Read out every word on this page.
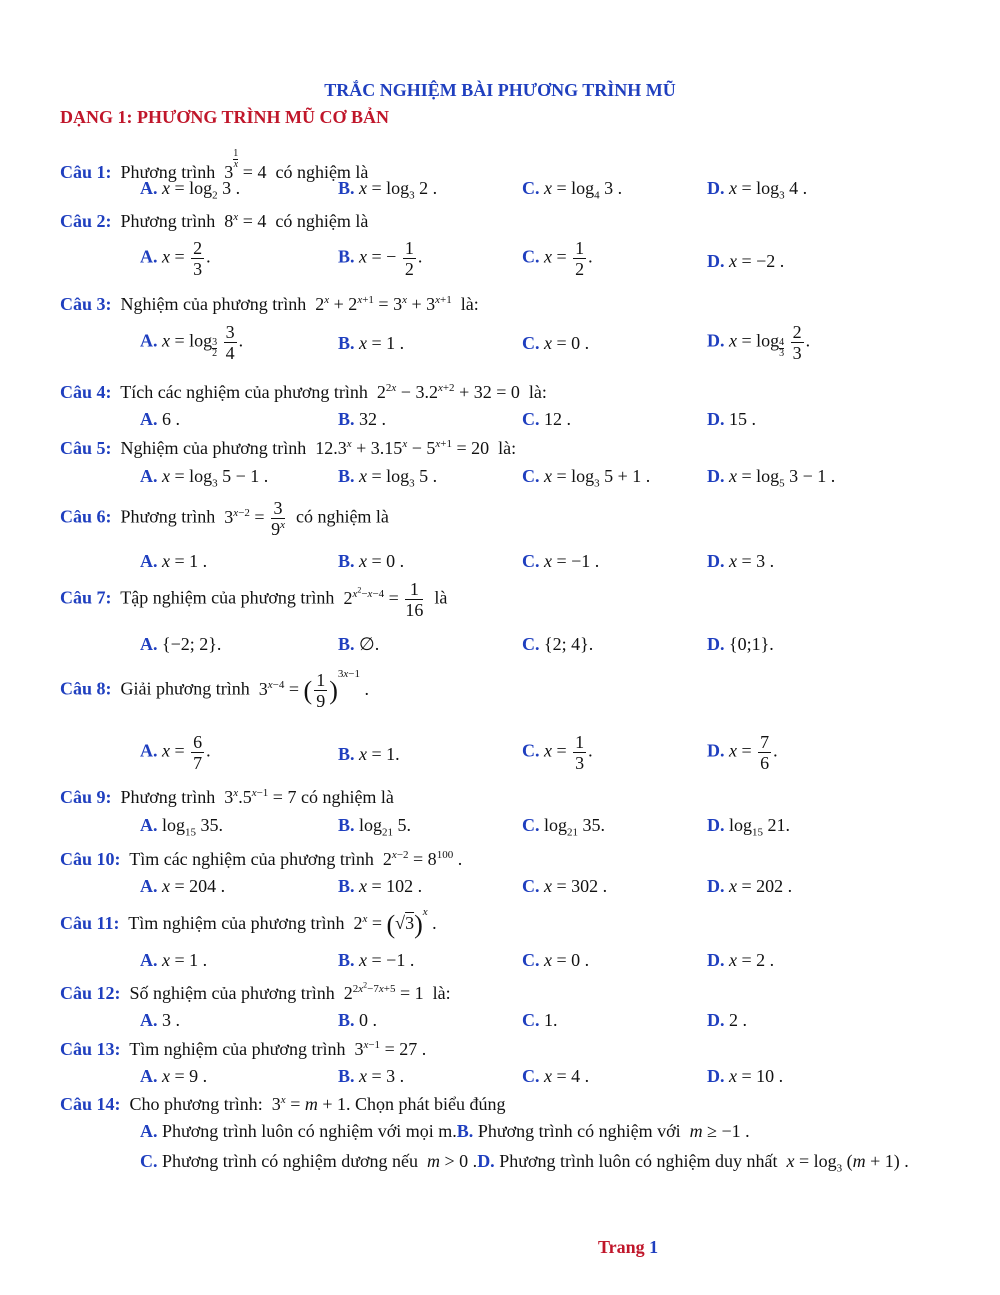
TRẮC NGHIỆM BÀI PHƯƠNG TRÌNH MŨ
DẠNG 1: PHƯƠNG TRÌNH MŨ CƠ BẢN
Câu 1: Phương trình 3
$^{\frac{1}{x}}$
= 4 có nghiệm là
A. $x = \log_2 3$ .	B. $x = \log_3 2$ .	C. $x = \log_4 3$ .	D. $x = \log_3 4$ .
Câu 2: Phương trình $8^x = 4$ có nghiệm là
A. $x = \frac{2}{3}$ .	B. x = − $\frac{1}{2}$ .	C. $x = \frac{1}{2}$ .	D. x = −2 .
Câu 3: Nghiệm của phương trình $2^x + 2^{x+1} = 3^x + 3^{x+1}$ là:
A. x = log $_{\frac{3}{2}}$
$\frac{3}{4}$ .	B. x = 1 .	C. x = 0 .	D. x = log $_{\frac{4}{3}}$
$\frac{2}{3}$ .
Câu 4: Tích các nghiệm của phương trình $2^{2x} - 3.2^{x+2} + 32 = 0$ là:
A. 6 .	B. 32 .	C. 12 .	D. 15 .
Câu 5: Nghiệm của phương trình $12.3^x + 3.15^x - 5^{x+1} = 20$ là:
A. $x = \log_3 5 - 1$ .	B. $x = \log_3 5$ .	C. $x = \log_3 5 + 1$ .	D. $x = \log_5 3 - 1$ .
Câu 6: Phương trình $3^{x-2} = \frac{3}{9^x}$ có nghiệm là
A. x = 1 .	B. x = 0 .	C. x = −1 .	D. x = 3 .
Câu 7: Tập nghiệm của phương trình $2^{x^2-x-4} = \frac{1}{16}$ là
A. {−2; 2}.	B. ∅.	C. {2; 4}.	D. {0;1}.
Câu 8: Giải phương trình $3^{x-4}$ = ( $\frac{1}{9} )^{3x-1}$ .
A. $x = \frac{6}{7}$ .	B. x = 1.	C. $x = \frac{1}{3}$ .	D. $x = \frac{7}{6}$ .
Câu 9: Phương trình $3^x.5^{x-1} = 7$ có nghiệm là
A. $\log_{15} 35$.	B. $\log_{21} 5$.	C. $\log_{21} 35$.	D. $\log_{15} 21$.
Câu 10: Tìm các nghiệm của phương trình $2^{x-2} = 8^{100}$ .
A. x = 204 .	B. x = 102 .	C. x = 302 .	D. x = 202 .
Câu 11: Tìm nghiệm của phương trình $2^x = (√3)^x$ .
A. x = 1 .	B. x = −1 .	C. x = 0 .	D. x = 2 .
Câu 12: Số nghiệm của phương trình $2^{2x^2-7x+5} = 1$ là:
A. 3 .	B. 0 .	C. 1.	D. 2 .
Câu 13: Tìm nghiệm của phương trình $3^{x-1} = 27$ .
A. x = 9 .	B. x = 3 .	C. x = 4 .	D. x = 10 .
Câu 14: Cho phương trình: $3^x = m + 1$. Chọn phát biểu đúng
A. Phương trình luôn có nghiệm với mọi m.B. Phương trình có nghiệm với m ≥ −1 .
C. Phương trình có nghiệm dương nếu m > 0 .D. Phương trình luôn có nghiệm duy nhất $x = \log_3 (m + 1)$ .
Trang 1
